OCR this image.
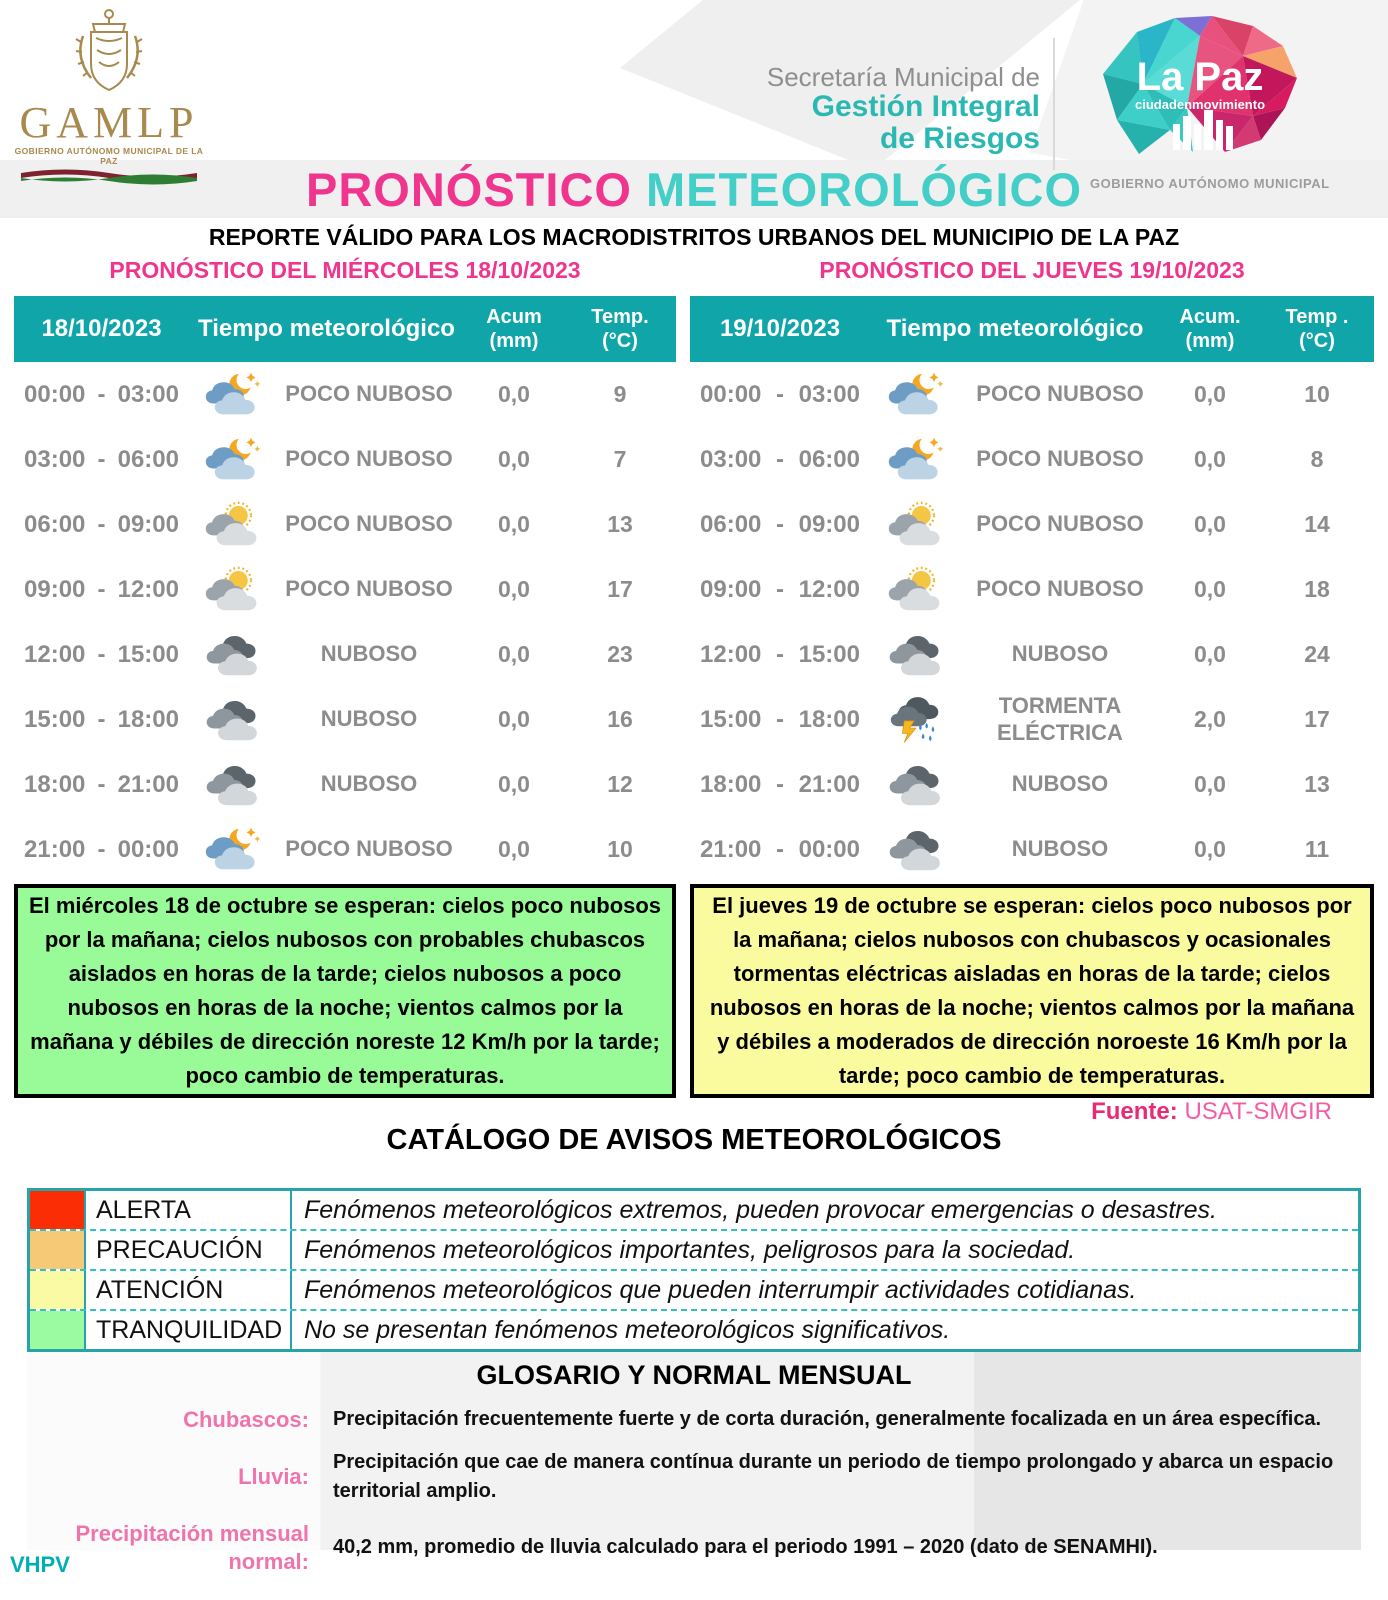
GAMLP
GOBIERNO AUTÓNOMO MUNICIPAL DE LA PAZ
Secretaría Municipal de
Gestión Integral
de Riesgos
La Paz
ciudadenmovimiento
GOBIERNO AUTÓNOMO MUNICIPAL
PRONÓSTICO METEOROLÓGICO
REPORTE VÁLIDO PARA LOS MACRODISTRITOS URBANOS DEL MUNICIPIO DE LA PAZ
PRONÓSTICO DEL MIÉRCOLES 18/10/2023	PRONÓSTICO DEL JUEVES 19/10/2023
18/10/2023	Tiempo meteorológico	Acum
(mm)
Temp.
(°C)
00:00 - 03:00	POCO NUBOSO	0,0	9
03:00 - 06:00	POCO NUBOSO	0,0	7
06:00 - 09:00	POCO NUBOSO	0,0	13
09:00 - 12:00	POCO NUBOSO	0,0	17
12:00 - 15:00	NUBOSO	0,0	23
15:00 - 18:00	NUBOSO	0,0	16
18:00 - 21:00	NUBOSO	0,0	12
21:00 - 00:00	POCO NUBOSO	0,0	10
19/10/2023	Tiempo meteorológico	Acum.
(mm)
Temp .
(°C)
00:00 - 03:00	POCO NUBOSO	0,0	10
03:00 - 06:00	POCO NUBOSO	0,0	8
06:00 - 09:00	POCO NUBOSO	0,0	14
09:00 - 12:00	POCO NUBOSO	0,0	18
12:00 - 15:00	NUBOSO	0,0	24
15:00 - 18:00	TORMENTA ELÉCTRICA	2,0	17
18:00 - 21:00	NUBOSO	0,0	13
21:00 - 00:00	NUBOSO	0,0	11
El miércoles 18 de octubre se esperan: cielos poco nubosos por la mañana; cielos nubosos con probables chubascos aislados en horas de la tarde; cielos nubosos a poco nubosos en horas de la noche; vientos calmos por la mañana y débiles de dirección noreste 12 Km/h por la tarde; poco cambio de temperaturas.
El jueves 19 de octubre se esperan: cielos poco nubosos por la mañana; cielos nubosos con chubascos y ocasionales tormentas eléctricas aisladas en horas de la tarde; cielos nubosos en horas de la noche; vientos calmos por la mañana y débiles a moderados de dirección noroeste 16 Km/h por la tarde; poco cambio de temperaturas.
Fuente: USAT-SMGIR
CATÁLOGO DE AVISOS METEOROLÓGICOS
ALERTA	Fenómenos meteorológicos extremos, pueden provocar emergencias o desastres.
PRECAUCIÓN	Fenómenos meteorológicos importantes, peligrosos para la sociedad.
ATENCIÓN	Fenómenos meteorológicos que pueden interrumpir actividades cotidianas.
TRANQUILIDAD No se presentan fenómenos meteorológicos significativos.
GLOSARIO Y NORMAL MENSUAL
Chubascos:	Precipitación frecuentemente fuerte y de corta duración, generalmente focalizada en un área específica.
Lluvia:
Precipitación que cae de manera contínua durante un periodo de tiempo prolongado y abarca un espacio territorial amplio.
Precipitación mensual normal:
40,2 mm, promedio de lluvia calculado para el periodo 1991 – 2020 (dato de SENAMHI).
VHPV
